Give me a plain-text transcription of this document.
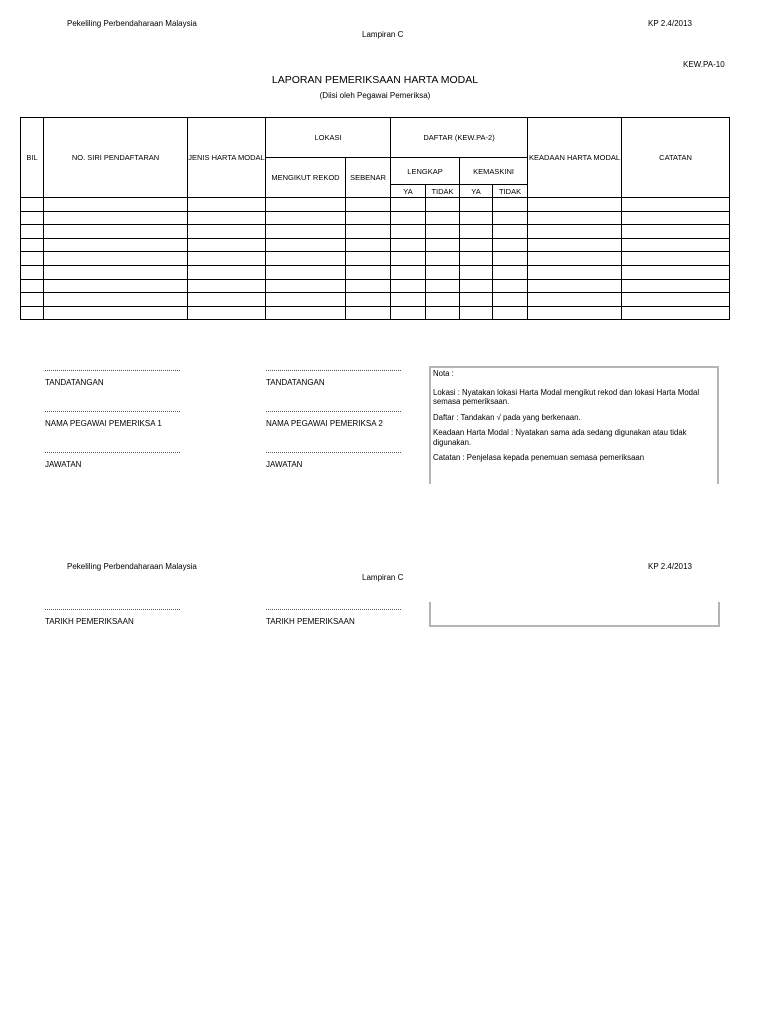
Pekeliling Perbendaharaan Malaysia
Lampiran C
KP 2.4/2013
KEW.PA-10
LAPORAN PEMERIKSAAN HARTA MODAL
(Diisi oleh Pegawai Pemeriksa)
BIL	NO. SIRI PENDAFTARAN	JENIS HARTA MODAL	LOKASI		DAFTAR (KEW.PA-2)				KEADAAN HARTA MODAL	CATATAN
			MENGIKUT REKOD	SEBENAR	LENGKAP		KEMASKINI			
					YA	TIDAK	YA	TIDAK		

TANDATANGAN
NAMA PEGAWAI PEMERIKSA 1
JAWATAN
TANDATANGAN
NAMA PEGAWAI PEMERIKSA 2
JAWATAN

Nota :

Lokasi : Nyatakan lokasi Harta Modal mengikut rekod dan lokasi Harta Modal semasa pemeriksaan.

Daftar : Tandakan √ pada yang berkenaan.

Keadaan Harta Modal : Nyatakan sama ada sedang digunakan atau tidak digunakan.

Catatan : Penjelasa kepada penemuan semasa pemeriksaan

Pekeliling Perbendaharaan Malaysia
Lampiran C
KP 2.4/2013
TARIKH PEMERIKSAAN	TARIKH PEMERIKSAAN
